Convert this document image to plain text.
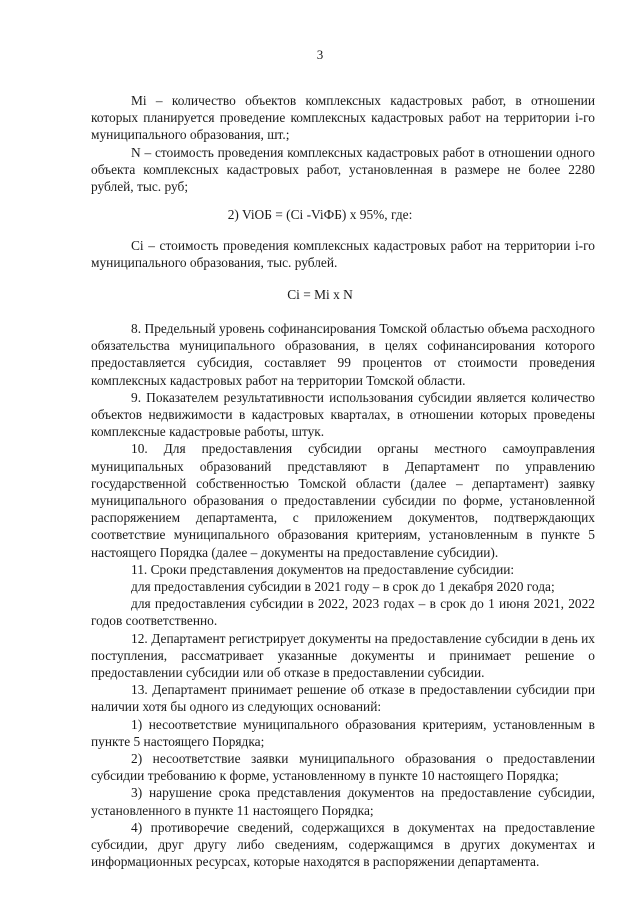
3

Mi – количество объектов комплексных кадастровых работ, в отношении которых планируется проведение комплексных кадастровых работ на территории i-го муниципального образования, шт.;

N – стоимость проведения комплексных кадастровых работ в отношении одного объекта комплексных кадастровых работ, установленная в размере не более 2280 рублей, тыс. руб;

2) ViОБ = (Ci -ViФБ) х 95%, где:

Ci – стоимость проведения комплексных кадастровых работ на территории i-го муниципального образования, тыс. рублей.

Ci = Mi х N

8. Предельный уровень софинансирования Томской областью объема расходного обязательства муниципального образования, в целях софинансирования которого предоставляется субсидия, составляет 99 процентов от стоимости проведения комплексных кадастровых работ на территории Томской области.

9. Показателем результативности использования субсидии является количество объектов недвижимости в кадастровых кварталах, в отношении которых проведены комплексные кадастровые работы, штук.

10. Для предоставления субсидии органы местного самоуправления муниципальных образований представляют в Департамент по управлению государственной собственностью Томской области (далее – департамент) заявку муниципального образования о предоставлении субсидии по форме, установленной распоряжением департамента, с приложением документов, подтверждающих соответствие муниципального образования критериям, установленным в пункте 5 настоящего Порядка (далее – документы на предоставление субсидии).

11. Сроки представления документов на предоставление субсидии:

для предоставления субсидии в 2021 году – в срок до 1 декабря 2020 года;

для предоставления субсидии в 2022, 2023 годах – в срок до 1 июня 2021, 2022 годов соответственно.

12. Департамент регистрирует документы на предоставление субсидии в день их поступления, рассматривает указанные документы и принимает решение о предоставлении субсидии или об отказе в предоставлении субсидии.

13. Департамент принимает решение об отказе в предоставлении субсидии при наличии хотя бы одного из следующих оснований:

1) несоответствие муниципального образования критериям, установленным в пункте 5 настоящего Порядка;

2) несоответствие заявки муниципального образования о предоставлении субсидии требованию к форме, установленному в пункте 10 настоящего Порядка;

3) нарушение срока представления документов на предоставление субсидии, установленного в пункте 11 настоящего Порядка;

4) противоречие сведений, содержащихся в документах на предоставление субсидии, друг другу либо сведениям, содержащимся в других документах и информационных ресурсах, которые находятся в распоряжении департамента.
